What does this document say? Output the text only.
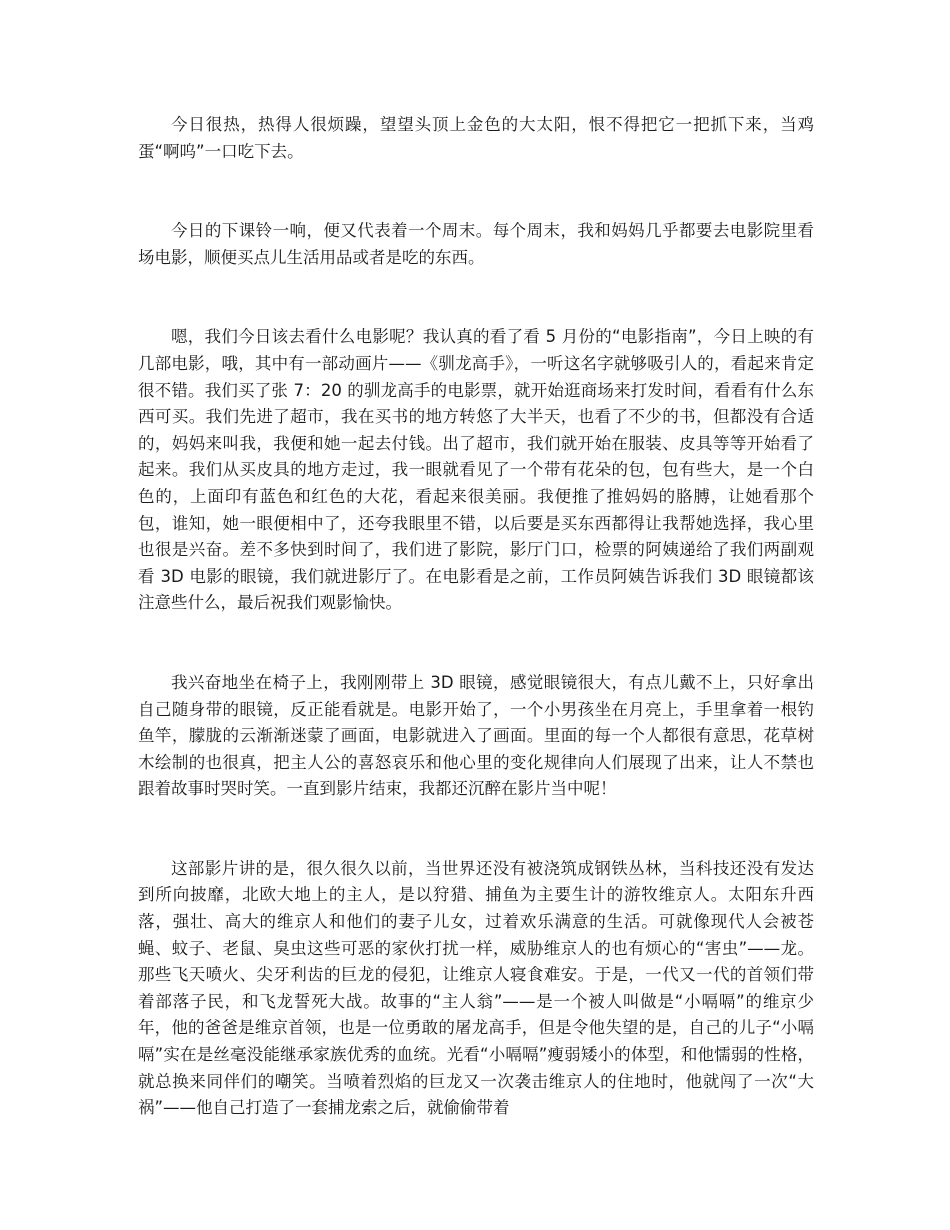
今日很热，热得人很烦躁，望望头顶上金色的大太阳，恨不得把它一把抓下来，当鸡蛋“啊呜”一口吃下去。

今日的下课铃一响，便又代表着一个周末。每个周末，我和妈妈几乎都要去电影院里看场电影，顺便买点儿生活用品或者是吃的东西。

嗯，我们今日该去看什么电影呢？我认真的看了看 5 月份的“电影指南”，今日上映的有几部电影，哦，其中有一部动画片——《驯龙高手》，一听这名字就够吸引人的，看起来肯定很不错。我们买了张 7：20 的驯龙高手的电影票，就开始逛商场来打发时间，看看有什么东西可买。我们先进了超市，我在买书的地方转悠了大半天，也看了不少的书，但都没有合适的，妈妈来叫我，我便和她一起去付钱。出了超市，我们就开始在服装、皮具等等开始看了起来。我们从买皮具的地方走过，我一眼就看见了一个带有花朵的包，包有些大，是一个白色的，上面印有蓝色和红色的大花，看起来很美丽。我便推了推妈妈的胳膊，让她看那个包，谁知，她一眼便相中了，还夸我眼里不错，以后要是买东西都得让我帮她选择，我心里也很是兴奋。差不多快到时间了，我们进了影院，影厅门口，检票的阿姨递给了我们两副观看 3D 电影的眼镜，我们就进影厅了。在电影看是之前，工作员阿姨告诉我们 3D 眼镜都该注意些什么，最后祝我们观影愉快。

我兴奋地坐在椅子上，我刚刚带上 3D 眼镜，感觉眼镜很大，有点儿戴不上，只好拿出自己随身带的眼镜，反正能看就是。电影开始了，一个小男孩坐在月亮上，手里拿着一根钓鱼竿，朦胧的云渐渐迷蒙了画面，电影就进入了画面。里面的每一个人都很有意思，花草树木绘制的也很真，把主人公的喜怒哀乐和他心里的变化规律向人们展现了出来，让人不禁也跟着故事时哭时笑。一直到影片结束，我都还沉醉在影片当中呢！

这部影片讲的是，很久很久以前，当世界还没有被浇筑成钢铁丛林，当科技还没有发达到所向披靡，北欧大地上的主人，是以狩猎、捕鱼为主要生计的游牧维京人。太阳东升西落，强壮、高大的维京人和他们的妻子儿女，过着欢乐满意的生活。可就像现代人会被苍蝇、蚊子、老鼠、臭虫这些可恶的家伙打扰一样，威胁维京人的也有烦心的“害虫”——龙。那些飞天喷火、尖牙利齿的巨龙的侵犯，让维京人寝食难安。于是，一代又一代的首领们带着部落子民，和飞龙誓死大战。故事的“主人翁”——是一个被人叫做是“小嗝嗝”的维京少年，他的爸爸是维京首领，也是一位勇敢的屠龙高手，但是令他失望的是，自己的儿子“小嗝嗝”实在是丝毫没能继承家族优秀的血统。光看“小嗝嗝”瘦弱矮小的体型，和他懦弱的性格，就总换来同伴们的嘲笑。当喷着烈焰的巨龙又一次袭击维京人的住地时，他就闯了一次“大祸”——他自己打造了一套捕龙索之后，就偷偷带着
